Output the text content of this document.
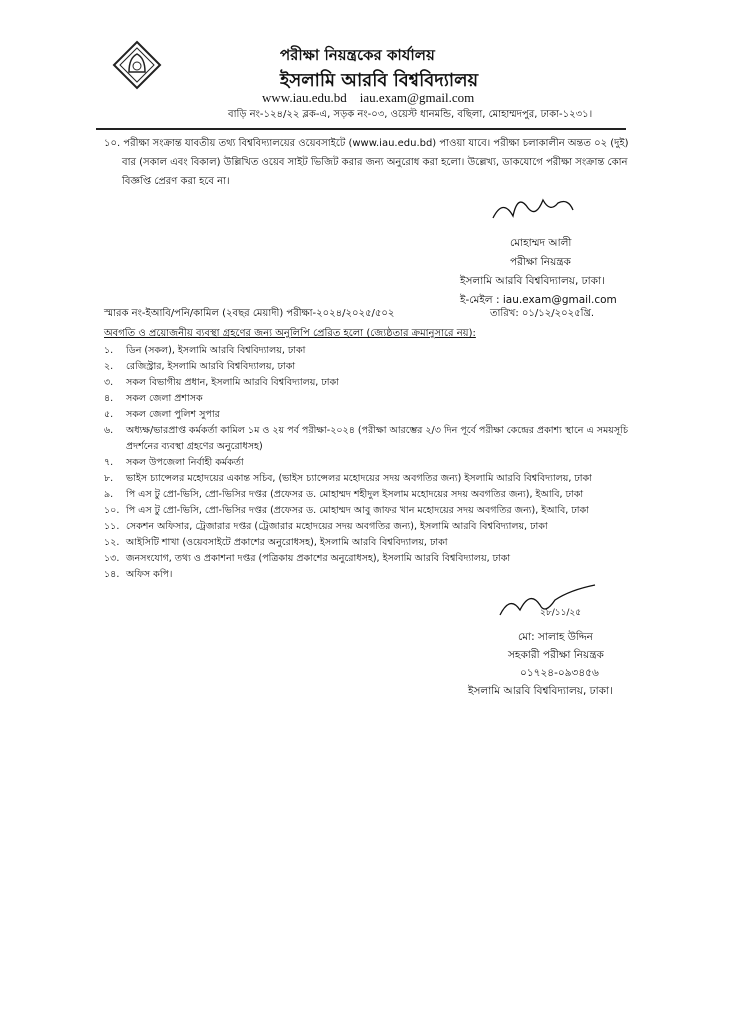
পরীক্ষা নিয়ন্ত্রকের কার্যালয়
ইসলামি আরবি বিশ্ববিদ্যালয়
www.iau.edu.bd iau.exam@gmail.com
বাড়ি নং-১২৪/২২ ব্লক-এ, সড়ক নং-০৩, ওয়েস্ট ধানমন্ডি, বছিলা, মোহাম্মদপুর, ঢাকা-১২৩১।
১০. পরীক্ষা সংক্রান্ত যাবতীয় তথ্য বিশ্ববিদ্যালয়ের ওয়েবসাইটে (www.iau.edu.bd) পাওয়া যাবে। পরীক্ষা চলাকালীন অন্তত ০২ (দুই)
বার (সকাল এবং বিকাল) উল্লিখিত ওয়েব সাইট ভিজিট করার জন্য অনুরোধ করা হলো। উল্লেখ্য, ডাকযোগে পরীক্ষা সংক্রান্ত কোন
বিজ্ঞপ্তি প্রেরণ করা হবে না।
মোহাম্মদ আলী
পরীক্ষা নিয়ন্ত্রক
ইসলামি আরবি বিশ্ববিদ্যালয়, ঢাকা।
ই-মেইল : iau.exam@gmail.com
স্মারক নং-ইআবি/পনি/কামিল (২বছর মেয়াদী) পরীক্ষা-২০২৪/২০২৫/৫০২	তারিখ: ০১/১২/২০২৫খ্রি.
অবগতি ও প্রয়োজনীয় ব্যবস্থা গ্রহণের জন্য অনুলিপি প্রেরিত হলো (জ্যেষ্ঠতার ক্রমানুসারে নয়):
১.	ডিন (সকল), ইসলামি আরবি বিশ্ববিদ্যালয়, ঢাকা
২.	রেজিস্ট্রার, ইসলামি আরবি বিশ্ববিদ্যালয়, ঢাকা
৩.	সকল বিভাগীয় প্রধান, ইসলামি আরবি বিশ্ববিদ্যালয়, ঢাকা
৪.	সকল জেলা প্রশাসক
৫.	সকল জেলা পুলিশ সুপার
৬.	অধ্যক্ষ/ভারপ্রাপ্ত কর্মকর্তা কামিল ১ম ও ২য় পর্ব পরীক্ষা-২০২৪ (পরীক্ষা আরম্ভের ২/৩ দিন পূর্বে পরীক্ষা কেন্দ্রের প্রকাশ্য স্থানে এ সময়সূচি প্রদর্শনের ব্যবস্থা গ্রহণের অনুরোধসহ)
৭.	সকল উপজেলা নির্বাহী কর্মকর্তা
৮.	ভাইস চ্যান্সেলর মহোদয়ের একান্ত সচিব, (ভাইস চ্যান্সেলর মহোদয়ের সদয় অবগতির জন্য) ইসলামি আরবি বিশ্ববিদ্যালয়, ঢাকা
৯.	পি এস টু প্রো-ভিসি, প্রো-ভিসির দপ্তর (প্রফেসর ড. মোহাম্মদ শহীদুল ইসলাম মহোদয়ের সদয় অবগতির জন্য), ইআবি, ঢাকা
১০. পি এস টু প্রো-ভিসি, প্রো-ভিসির দপ্তর (প্রফেসর ড. মোহাম্মদ আবু জাফর খান মহোদয়ের সদয় অবগতির জন্য), ইআবি, ঢাকা
১১. সেকশন অফিসার, ট্রেজারার দপ্তর (ট্রেজারার মহোদয়ের সদয় অবগতির জন্য), ইসলামি আরবি বিশ্ববিদ্যালয়, ঢাকা
১২. আইসিটি শাখা (ওয়েবসাইটে প্রকাশের অনুরোধসহ), ইসলামি আরবি বিশ্ববিদ্যালয়, ঢাকা
১৩. জনসংযোগ, তথ্য ও প্রকাশনা দপ্তর (পত্রিকায় প্রকাশের অনুরোধসহ), ইসলামি আরবি বিশ্ববিদ্যালয়, ঢাকা
১৪. অফিস কপি।
২৮/১১/২৫
মো: সালাহ উদ্দিন
সহকারী পরীক্ষা নিয়ন্ত্রক
০১৭২৪-০৯৩৪৫৬
ইসলামি আরবি বিশ্ববিদ্যালয়, ঢাকা।
